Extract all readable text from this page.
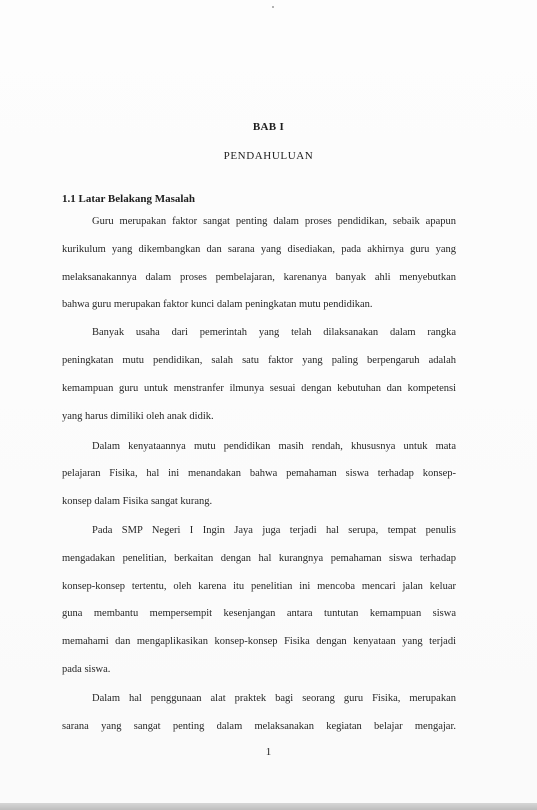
BAB I
PENDAHULUAN
1.1 Latar Belakang Masalah
Guru merupakan faktor sangat penting dalam proses pendidikan, sebaik apapun
kurikulum yang dikembangkan dan sarana yang disediakan, pada akhirnya guru yang
melaksanakannya dalam proses pembelajaran, karenanya banyak ahli menyebutkan
bahwa guru merupakan faktor kunci dalam peningkatan mutu pendidikan.
Banyak usaha dari pemerintah yang telah dilaksanakan dalam rangka
peningkatan mutu pendidikan, salah satu faktor yang paling berpengaruh adalah
kemampuan guru untuk menstranfer ilmunya sesuai dengan kebutuhan dan kompetensi
yang harus dimiliki oleh anak didik.
Dalam kenyataannya mutu pendidikan masih rendah, khususnya untuk mata
pelajaran Fisika, hal ini menandakan bahwa pemahaman siswa terhadap konsep-
konsep dalam Fisika sangat kurang.
Pada SMP Negeri I Ingin Jaya juga terjadi hal serupa, tempat penulis
mengadakan penelitian, berkaitan dengan hal kurangnya pemahaman siswa terhadap
konsep-konsep tertentu, oleh karena itu penelitian ini mencoba mencari jalan keluar
guna membantu mempersempit kesenjangan antara tuntutan kemampuan siswa
memahami dan mengaplikasikan konsep-konsep Fisika dengan kenyataan yang terjadi
pada siswa.
Dalam hal penggunaan alat praktek bagi seorang guru Fisika, merupakan
sarana yang sangat penting dalam melaksanakan kegiatan belajar mengajar.
1
